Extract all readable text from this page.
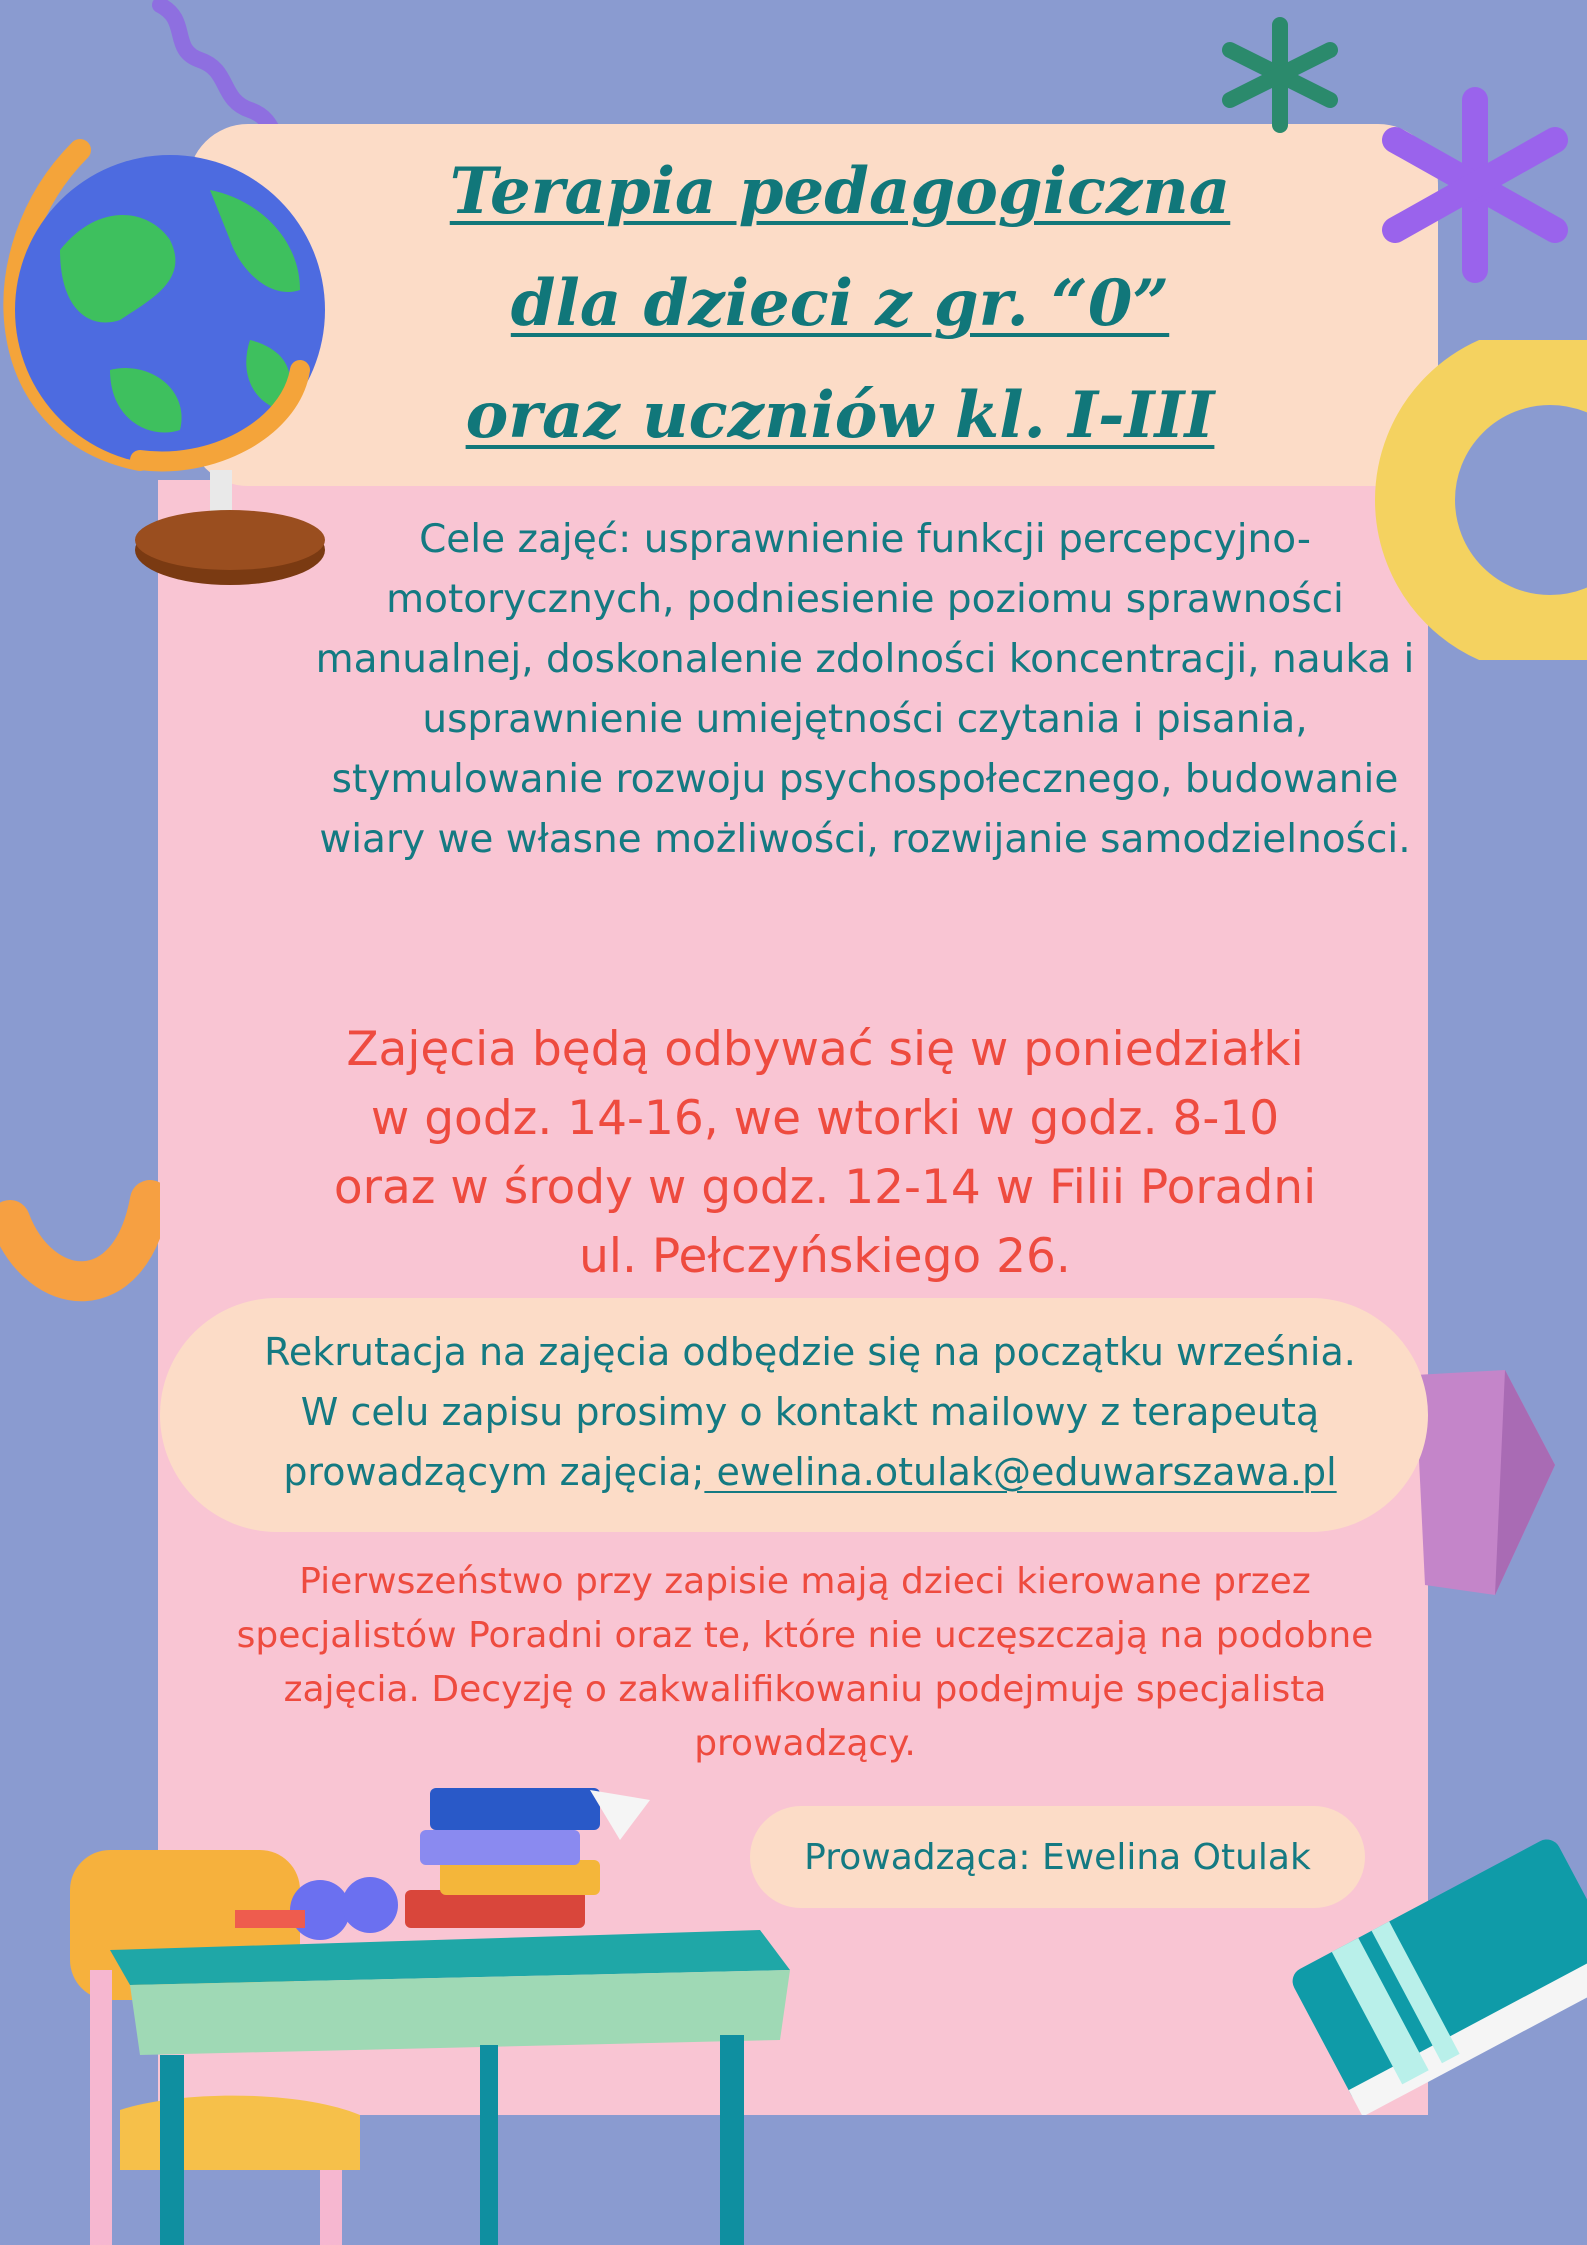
Terapia pedagogiczna
dla dzieci z gr. “0”
oraz uczniów kl. I-III

Cele zajęć: usprawnienie funkcji percepcyjno-motorycznych, podniesienie poziomu sprawności manualnej, doskonalenie zdolności koncentracji, nauka i usprawnienie umiejętności czytania i pisania, stymulowanie rozwoju psychospołecznego, budowanie wiary we własne możliwości, rozwijanie samodzielności.

Zajęcia będą odbywać się w poniedziałki
w godz. 14-16, we wtorki w godz. 8-10
oraz w środy w godz. 12-14 w Filii Poradni
ul. Pełczyńskiego 26.

Rekrutacja na zajęcia odbędzie się na początku września.
W celu zapisu prosimy o kontakt mailowy z terapeutą
prowadzącym zajęcia; ewelina.otulak@eduwarszawa.pl

Pierwszeństwo przy zapisie mają dzieci kierowane przez specjalistów Poradni oraz te, które nie uczęszczają na podobne zajęcia. Decyzję o zakwalifikowaniu podejmuje specjalista prowadzący.

Prowadząca: Ewelina Otulak
